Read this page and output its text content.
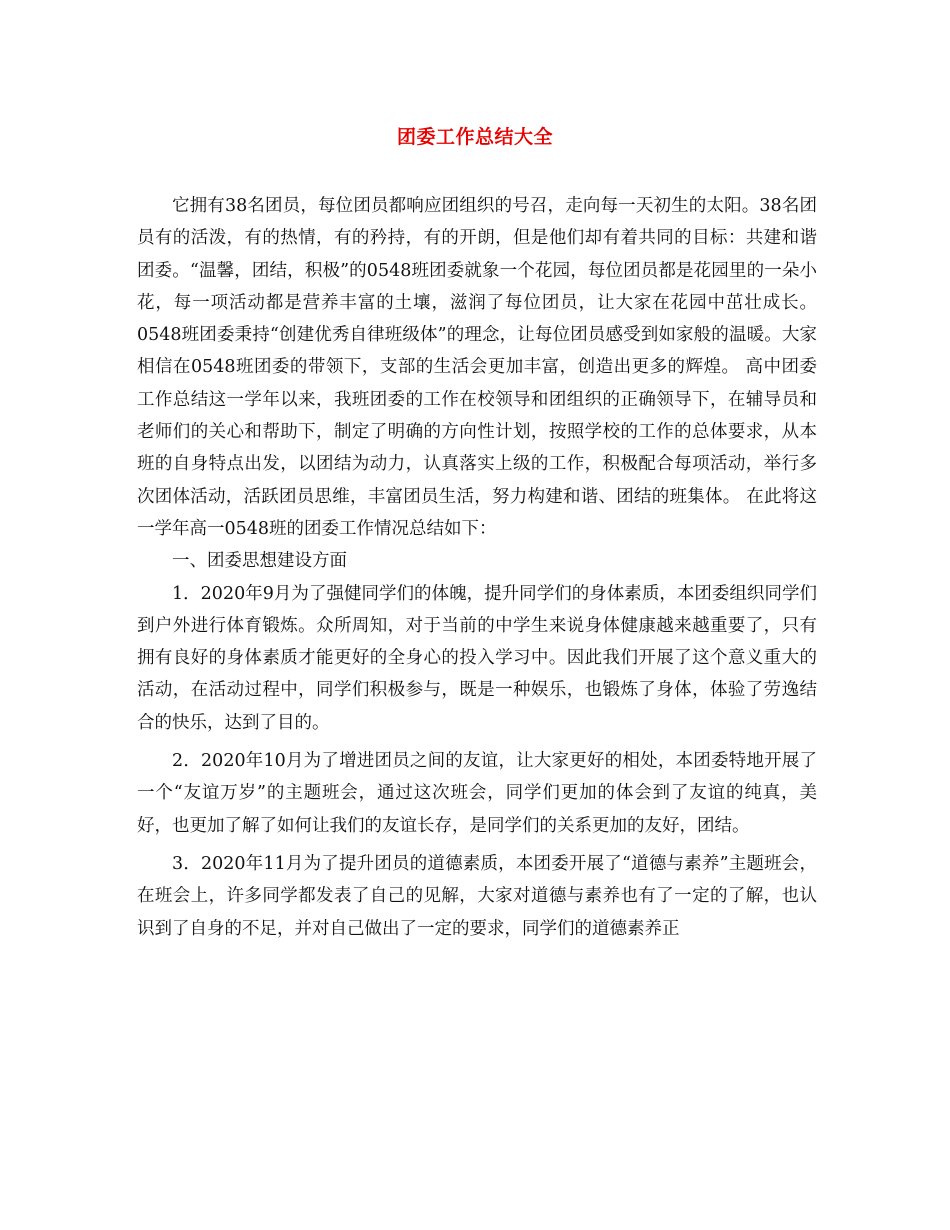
团委工作总结大全

它拥有38名团员，每位团员都响应团组织的号召，走向每一天初生的太阳。38名团员有的活泼，有的热情，有的矜持，有的开朗，但是他们却有着共同的目标：共建和谐团委。“温馨，团结，积极”的0548班团委就象一个花园，每位团员都是花园里的一朵小花，每一项活动都是营养丰富的土壤，滋润了每位团员，让大家在花园中茁壮成长。0548班团委秉持“创建优秀自律班级体”的理念，让每位团员感受到如家般的温暖。大家相信在0548班团委的带领下，支部的生活会更加丰富，创造出更多的辉煌。 高中团委工作总结这一学年以来，我班团委的工作在校领导和团组织的正确领导下，在辅导员和老师们的关心和帮助下，制定了明确的方向性计划，按照学校的工作的总体要求，从本班的自身特点出发，以团结为动力，认真落实上级的工作，积极配合每项活动，举行多次团体活动，活跃团员思维，丰富团员生活，努力构建和谐、团结的班集体。 在此将这一学年高一0548班的团委工作情况总结如下：

一、团委思想建设方面

1．2020年9月为了强健同学们的体魄，提升同学们的身体素质，本团委组织同学们到户外进行体育锻炼。众所周知，对于当前的中学生来说身体健康越来越重要了，只有拥有良好的身体素质才能更好的全身心的投入学习中。因此我们开展了这个意义重大的活动，在活动过程中，同学们积极参与，既是一种娱乐，也锻炼了身体，体验了劳逸结合的快乐，达到了目的。

2．2020年10月为了增进团员之间的友谊，让大家更好的相处，本团委特地开展了一个“友谊万岁”的主题班会，通过这次班会，同学们更加的体会到了友谊的纯真，美好，也更加了解了如何让我们的友谊长存，是同学们的关系更加的友好，团结。

3．2020年11月为了提升团员的道德素质，本团委开展了“道德与素养”主题班会，在班会上，许多同学都发表了自己的见解，大家对道德与素养也有了一定的了解，也认识到了自身的不足，并对自己做出了一定的要求，同学们的道德素养正
